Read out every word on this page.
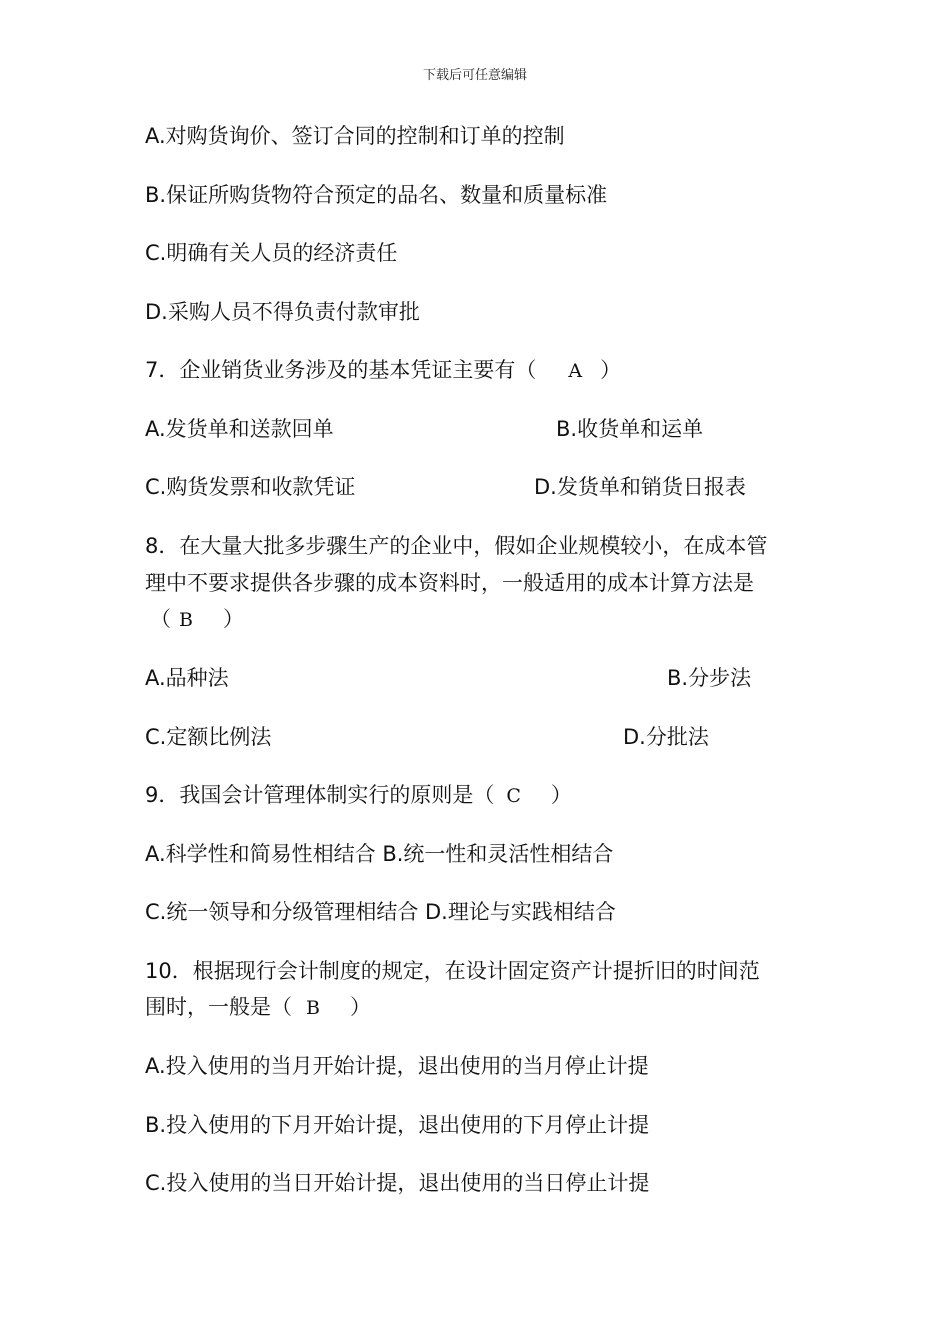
下载后可任意编辑
A.对购货询价、签订合同的控制和订单的控制
B.保证所购货物符合预定的品名、数量和质量标准
C.明确有关人员的经济责任
D.采购人员不得负责付款审批
7．企业销货业务涉及的基本凭证主要有（ A ）
A.发货单和送款回单	B.收货单和运单
C.购货发票和收款凭证	D.发货单和销货日报表
8．在大量大批多步骤生产的企业中，假如企业规模较小，在成本管
理中不要求提供各步骤的成本资料时，一般适用的成本计算方法是
（ B ）
A.品种法	B.分步法
C.定额比例法	D.分批法
9．我国会计管理体制实行的原则是（ C ）
A.科学性和简易性相结合 B.统一性和灵活性相结合
C.统一领导和分级管理相结合 D.理论与实践相结合
10．根据现行会计制度的规定，在设计固定资产计提折旧的时间范
围时，一般是（ B ）
A.投入使用的当月开始计提，退出使用的当月停止计提
B.投入使用的下月开始计提，退出使用的下月停止计提
C.投入使用的当日开始计提，退出使用的当日停止计提
